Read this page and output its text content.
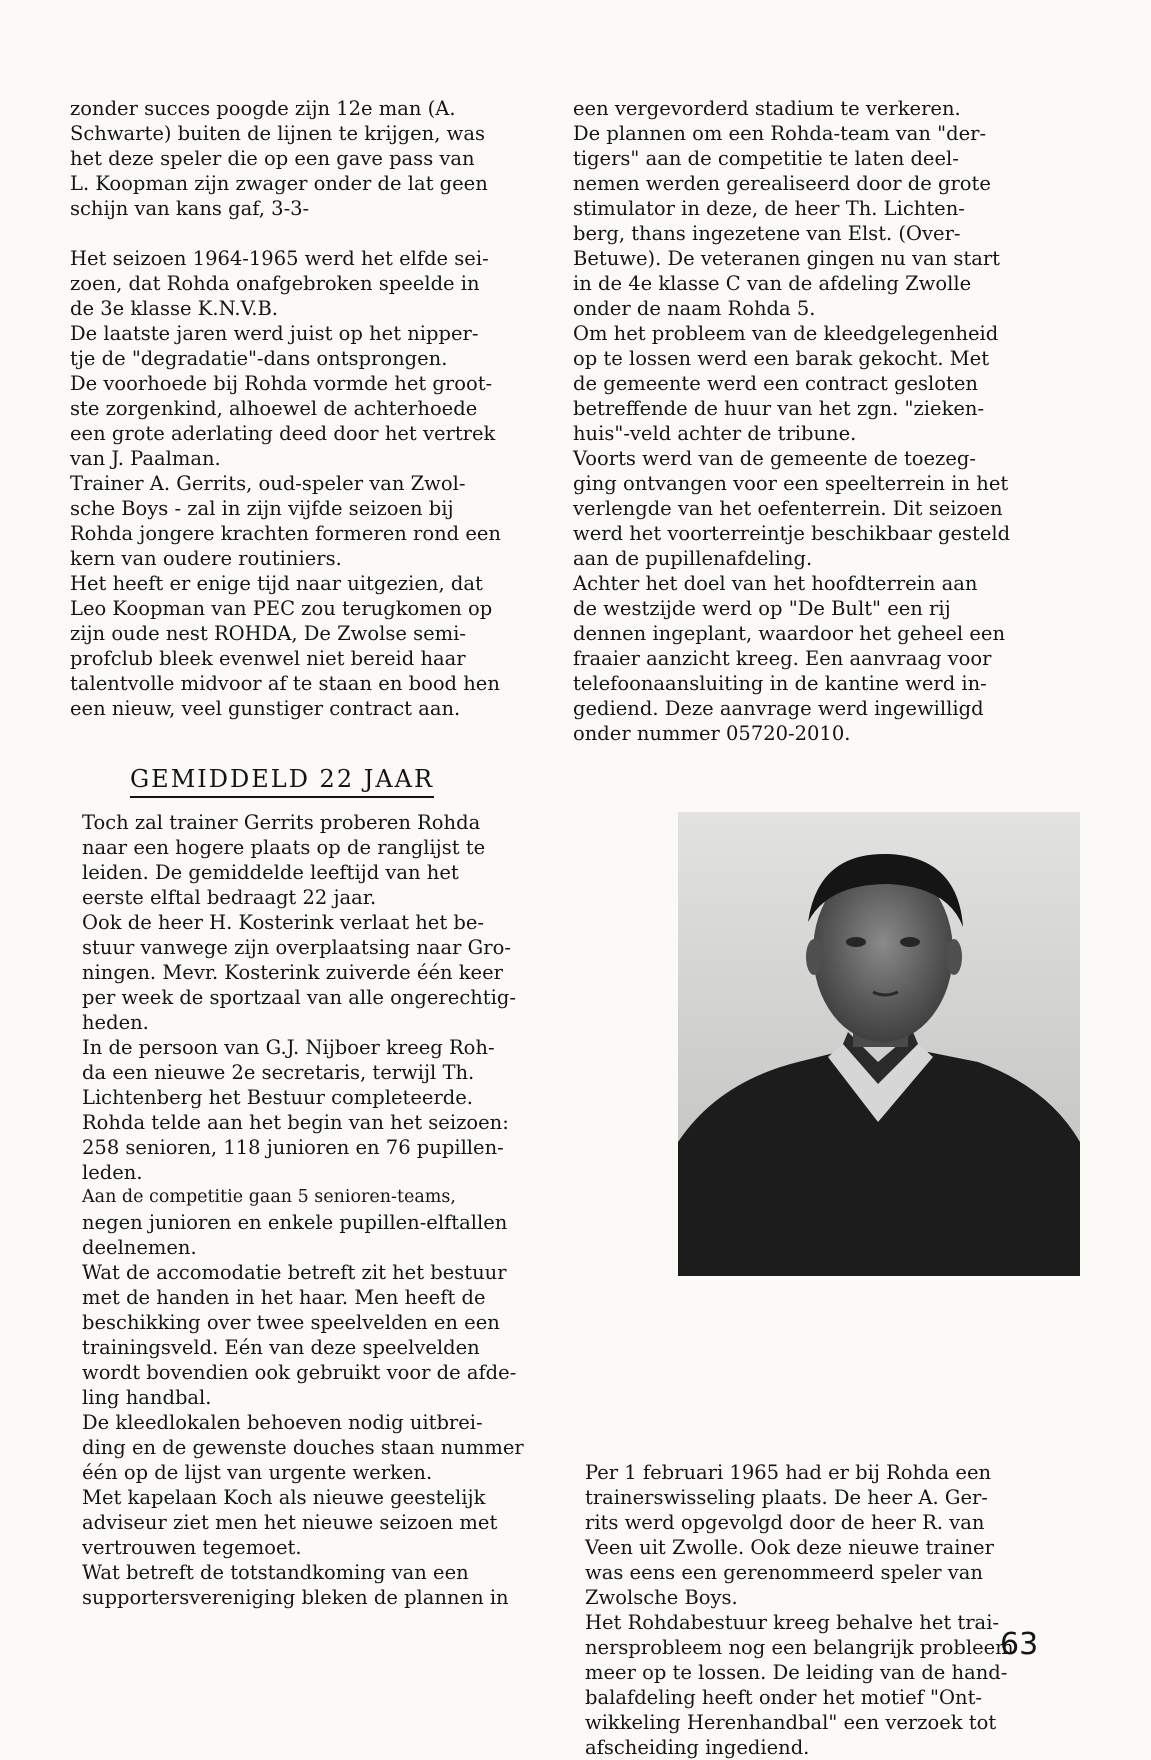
zonder succes poogde zijn 12e man (A.
Schwarte) buiten de lijnen te krijgen, was
het deze speler die op een gave pass van
L. Koopman zijn zwager onder de lat geen
schijn van kans gaf, 3-3-
Het seizoen 1964-1965 werd het elfde sei-
zoen, dat Rohda onafgebroken speelde in
de 3e klasse K.N.V.B.
De laatste jaren werd juist op het nipper-
tje de "degradatie"-dans ontsprongen.
De voorhoede bij Rohda vormde het groot-
ste zorgenkind, alhoewel de achterhoede
een grote aderlating deed door het vertrek
van J. Paalman.
Trainer A. Gerrits, oud-speler van Zwol-
sche Boys - zal in zijn vijfde seizoen bij
Rohda jongere krachten formeren rond een
kern van oudere routiniers.
Het heeft er enige tijd naar uitgezien, dat
Leo Koopman van PEC zou terugkomen op
zijn oude nest ROHDA, De Zwolse semi-
profclub bleek evenwel niet bereid haar
talentvolle midvoor af te staan en bood hen
een nieuw, veel gunstiger contract aan.
GEMIDDELD 22 JAAR
Toch zal trainer Gerrits proberen Rohda
naar een hogere plaats op de ranglijst te
leiden. De gemiddelde leeftijd van het
eerste elftal bedraagt 22 jaar.
Ook de heer H. Kosterink verlaat het be-
stuur vanwege zijn overplaatsing naar Gro-
ningen. Mevr. Kosterink zuiverde één keer
per week de sportzaal van alle ongerechtig-
heden.
In de persoon van G.J. Nijboer kreeg Roh-
da een nieuwe 2e secretaris, terwijl Th.
Lichtenberg het Bestuur completeerde.
Rohda telde aan het begin van het seizoen:
258 senioren, 118 junioren en 76 pupillen-
leden.
Aan de competitie gaan 5 senioren-teams,
negen junioren en enkele pupillen-elftallen
deelnemen.
Wat de accomodatie betreft zit het bestuur
met de handen in het haar. Men heeft de
beschikking over twee speelvelden en een
trainingsveld. Eén van deze speelvelden
wordt bovendien ook gebruikt voor de afde-
ling handbal.
De kleedlokalen behoeven nodig uitbrei-
ding en de gewenste douches staan nummer
één op de lijst van urgente werken.
Met kapelaan Koch als nieuwe geestelijk
adviseur ziet men het nieuwe seizoen met
vertrouwen tegemoet.
Wat betreft de totstandkoming van een
supportersvereniging bleken de plannen in
een vergevorderd stadium te verkeren.
De plannen om een Rohda-team van "der-
tigers" aan de competitie te laten deel-
nemen werden gerealiseerd door de grote
stimulator in deze, de heer Th. Lichten-
berg, thans ingezetene van Elst. (Over-
Betuwe). De veteranen gingen nu van start
in de 4e klasse C van de afdeling Zwolle
onder de naam Rohda 5.
Om het probleem van de kleedgelegenheid
op te lossen werd een barak gekocht. Met
de gemeente werd een contract gesloten
betreffende de huur van het zgn. "zieken-
huis"-veld achter de tribune.
Voorts werd van de gemeente de toezeg-
ging ontvangen voor een speelterrein in het
verlengde van het oefenterrein. Dit seizoen
werd het voorterreintje beschikbaar gesteld
aan de pupillenafdeling.
Achter het doel van het hoofdterrein aan
de westzijde werd op "De Bult" een rij
dennen ingeplant, waardoor het geheel een
fraaier aanzicht kreeg. Een aanvraag voor
telefoonaansluiting in de kantine werd in-
gediend. Deze aanvrage werd ingewilligd
onder nummer 05720-2010.
Per 1 februari 1965 had er bij Rohda een
trainerswisseling plaats. De heer A. Ger-
rits werd opgevolgd door de heer R. van
Veen uit Zwolle. Ook deze nieuwe trainer
was eens een gerenommeerd speler van
Zwolsche Boys.
Het Rohdabestuur kreeg behalve het trai-
nersprobleem nog een belangrijk probleem
meer op te lossen. De leiding van de hand-
balafdeling heeft onder het motief "Ont-
wikkeling Herenhandbal" een verzoek tot
afscheiding ingediend.
63
